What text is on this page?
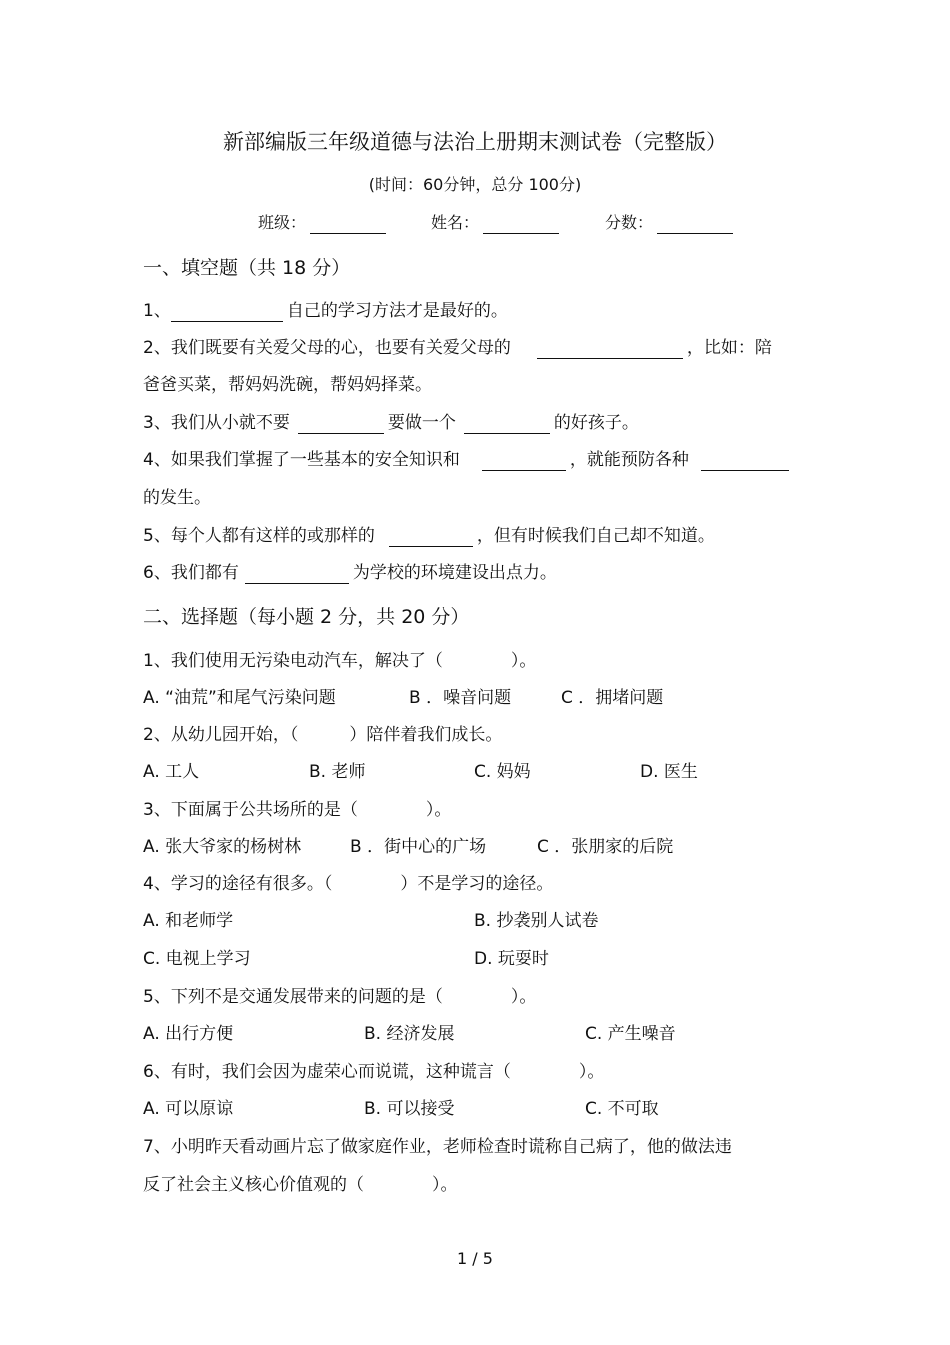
新部编版三年级道德与法治上册期末测试卷（完整版）
(时间：60分钟，总分 100分)
班级：	姓名：	分数：
一、填空题（共 18 分）
1、	自己的学习方法才是最好的。
2、我们既要有关爱父母的心，也要有关爱父母的	，比如：陪
爸爸买菜，帮妈妈洗碗，帮妈妈择菜。
3、我们从小就不要	要做一个	的好孩子。
4、如果我们掌握了一些基本的安全知识和	，就能预防各种
的发生。
5、每个人都有这样的或那样的	，但有时候我们自己却不知道。
6、我们都有	为学校的环境建设出点力。
二、选择题（每小题 2 分，共 20 分）
1、我们使用无污染电动汽车，解决了（　　　　）。
A. “油荒”和尾气污染问题	B ．噪音问题	C ．拥堵问题
2、从幼儿园开始，（　　　）陪伴着我们成长。
A. 工人	B. 老师	C. 妈妈	D. 医生
3、下面属于公共场所的是（　　　　）。
A. 张大爷家的杨树林	B ．街中心的广场	C ．张朋家的后院
4、学习的途径有很多。（　　　　）不是学习的途径。
A. 和老师学	B. 抄袭别人试卷
C. 电视上学习	D. 玩耍时
5、下列不是交通发展带来的问题的是（　　　　）。
A. 出行方便	B. 经济发展	C. 产生噪音
6、有时，我们会因为虚荣心而说谎，这种谎言（　　　　）。
A. 可以原谅	B. 可以接受	C. 不可取
7、小明昨天看动画片忘了做家庭作业，老师检查时谎称自己病了，他的做法违
反了社会主义核心价值观的（　　　　）。
1 / 5
